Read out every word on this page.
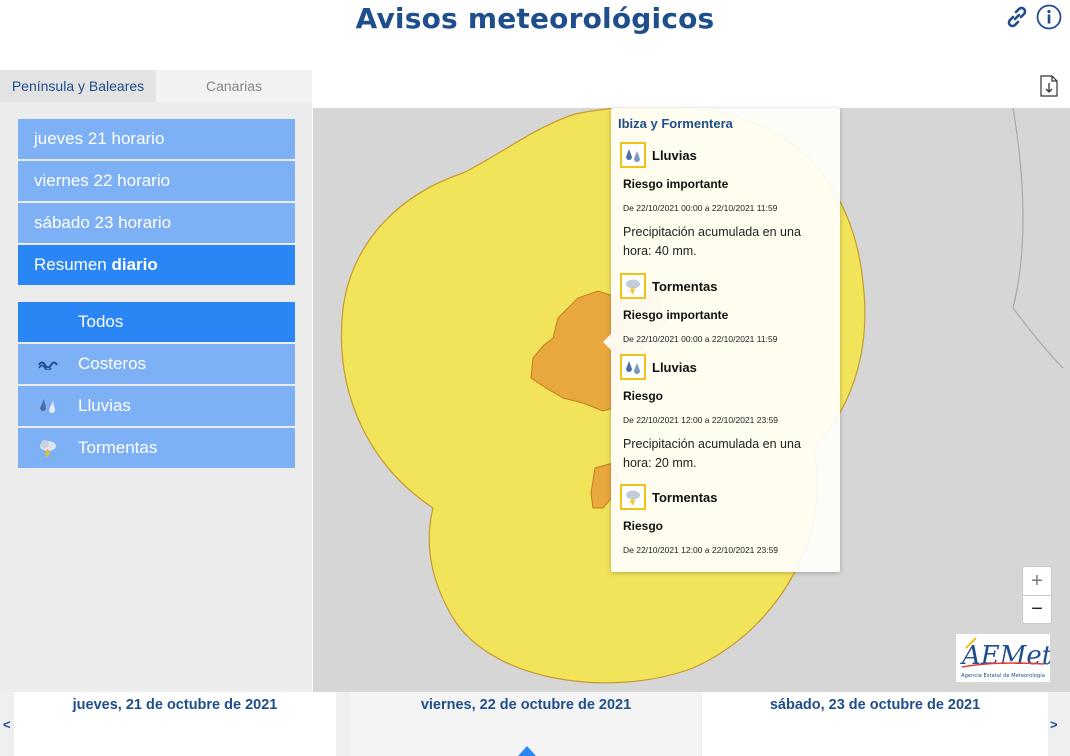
Avisos meteorológicos
Península y Baleares	Canarias
jueves 21 horario
viernes 22 horario
sábado 23 horario
Resumen
diario
Todos
Costeros
Lluvias
Tormentas
Ibiza y Formentera
Lluvias
Riesgo importante
De 22/10/2021 00:00 a 22/10/2021 11:59
Precipitación acumulada en una hora: 40 mm.
Tormentas
Riesgo importante
De 22/10/2021 00:00 a 22/10/2021 11:59
Lluvias
Riesgo
De 22/10/2021 12:00 a 22/10/2021 23:59
Precipitación acumulada en una hora: 20 mm.
Tormentas
Riesgo
De 22/10/2021 12:00 a 22/10/2021 23:59
+
−
AEMet
Agencia Estatal de Meteorología
jueves, 21 de octubre de 2021	viernes, 22 de octubre de 2021	sábado, 23 de octubre de 2021
<	>
